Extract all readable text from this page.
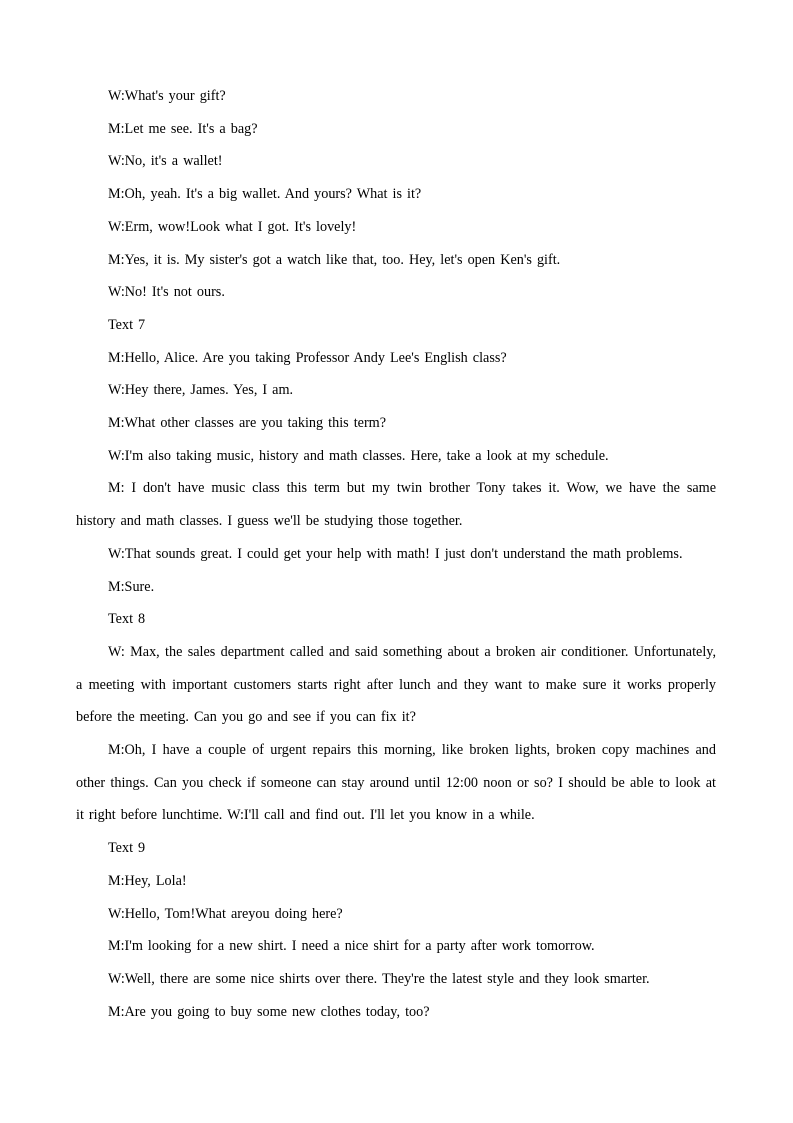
W:What's your gift?

M:Let me see. It's a bag?

W:No, it's a wallet!

M:Oh, yeah. It's a big wallet. And yours? What is it?

W:Erm, wow!Look what I got. It's lovely!

M:Yes, it is. My sister's got a watch like that, too. Hey, let's open Ken's gift.

W:No! It's not ours.

Text 7

M:Hello, Alice. Are you taking Professor Andy Lee's English class?

W:Hey there, James. Yes, I am.

M:What other classes are you taking this term?

W:I'm also taking music, history and math classes. Here, take a look at my schedule.

M: I don't have music class this term but my twin brother Tony takes it. Wow, we have the same history and math classes. I guess we'll be studying those together.

W:That sounds great. I could get your help with math! I just don't understand the math problems.

M:Sure.

Text 8

W: Max, the sales department called and said something about a broken air conditioner. Unfortunately, a meeting with important customers starts right after lunch and they want to make sure it works properly before the meeting. Can you go and see if you can fix it?

M:Oh, I have a couple of urgent repairs this morning, like broken lights, broken copy machines and other things. Can you check if someone can stay around until 12:00 noon or so? I should be able to look at it right before lunchtime. W:I'll call and find out. I'll let you know in a while.

Text 9

M:Hey, Lola!

W:Hello, Tom!What areyou doing here?

M:I'm looking for a new shirt. I need a nice shirt for a party after work tomorrow.

W:Well, there are some nice shirts over there. They're the latest style and they look smarter.

M:Are you going to buy some new clothes today, too?
